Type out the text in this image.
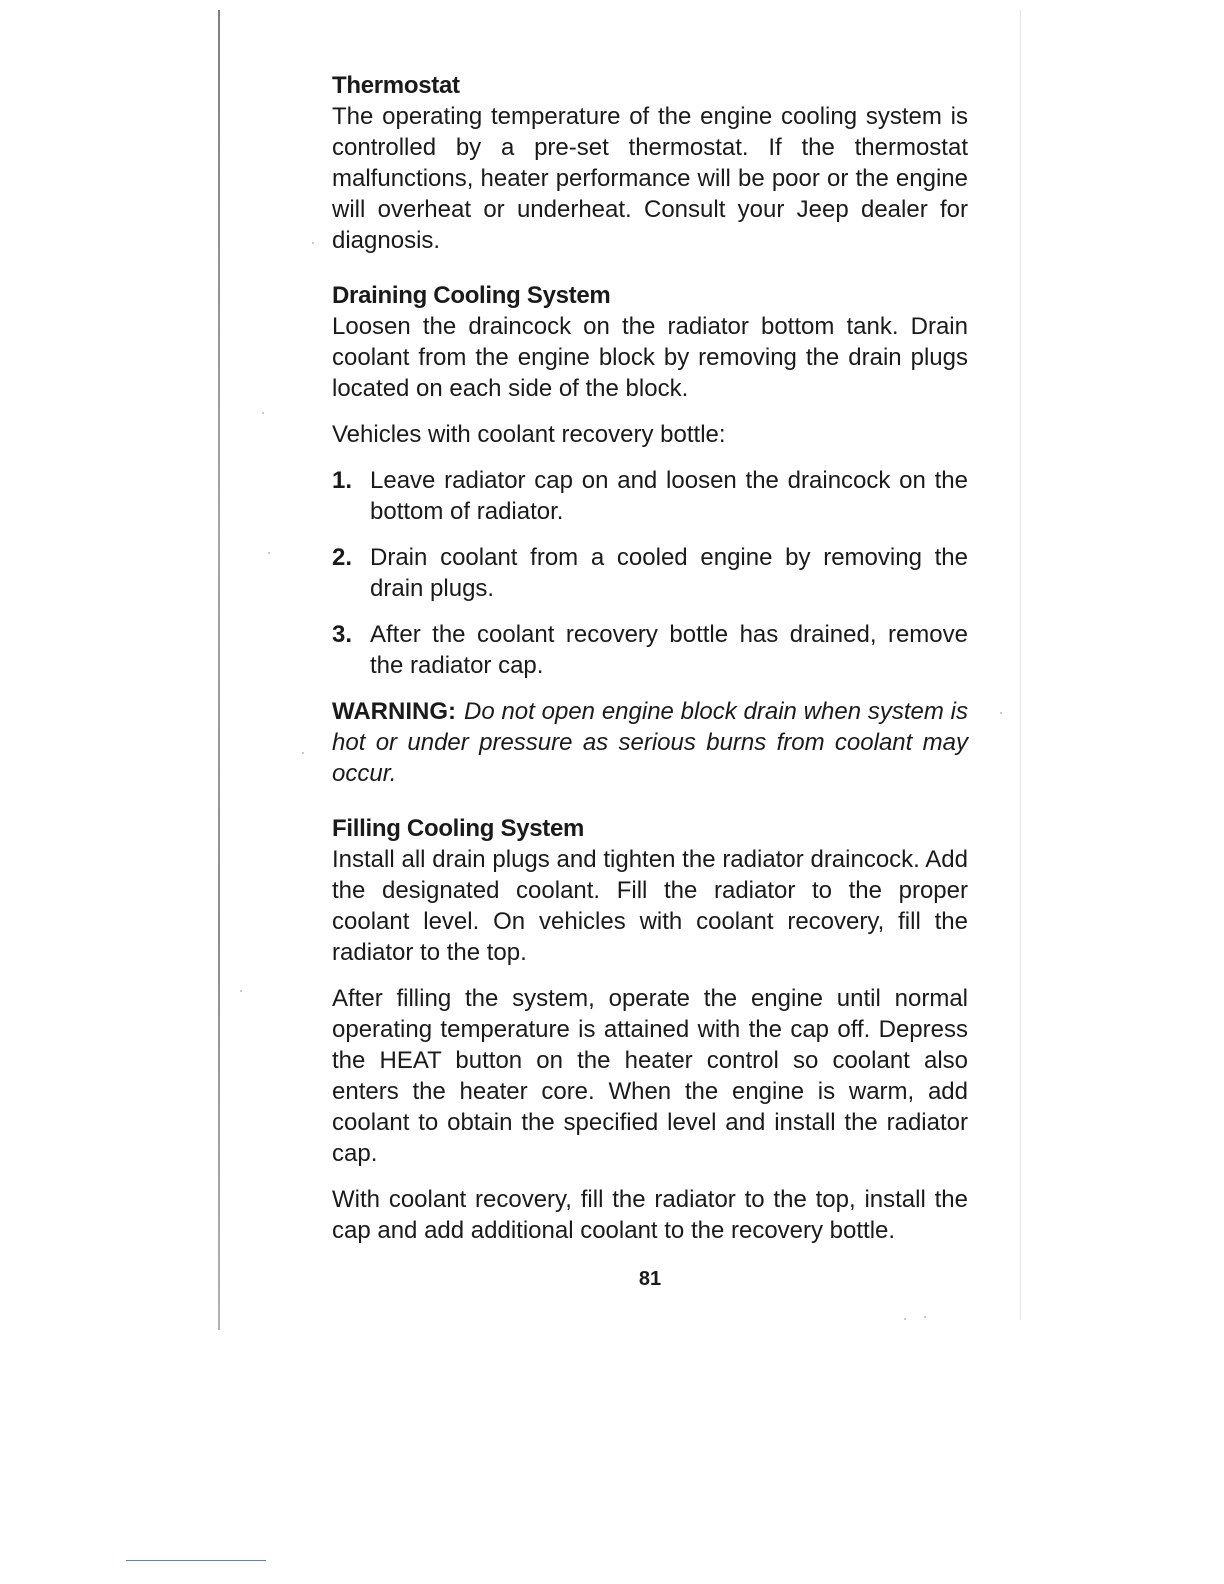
Thermostat

The operating temperature of the engine cooling system is controlled by a pre-set thermostat. If the thermostat malfunctions, heater performance will be poor or the engine will overheat or underheat. Consult your Jeep dealer for diagnosis.

Draining Cooling System

Loosen the draincock on the radiator bottom tank. Drain coolant from the engine block by removing the drain plugs located on each side of the block.

Vehicles with coolant recovery bottle:

1. Leave radiator cap on and loosen the draincock on the bottom of radiator.
2. Drain coolant from a cooled engine by removing the drain plugs.
3. After the coolant recovery bottle has drained, remove the radiator cap.

WARNING: Do not open engine block drain when system is hot or under pressure as serious burns from coolant may occur.

Filling Cooling System

Install all drain plugs and tighten the radiator draincock. Add the designated coolant. Fill the radiator to the proper coolant level. On vehicles with coolant recovery, fill the radiator to the top.

After filling the system, operate the engine until normal operating temperature is attained with the cap off. Depress the HEAT button on the heater control so coolant also enters the heater core. When the engine is warm, add coolant to obtain the specified level and install the radiator cap.

With coolant recovery, fill the radiator to the top, install the cap and add additional coolant to the recovery bottle.

81
